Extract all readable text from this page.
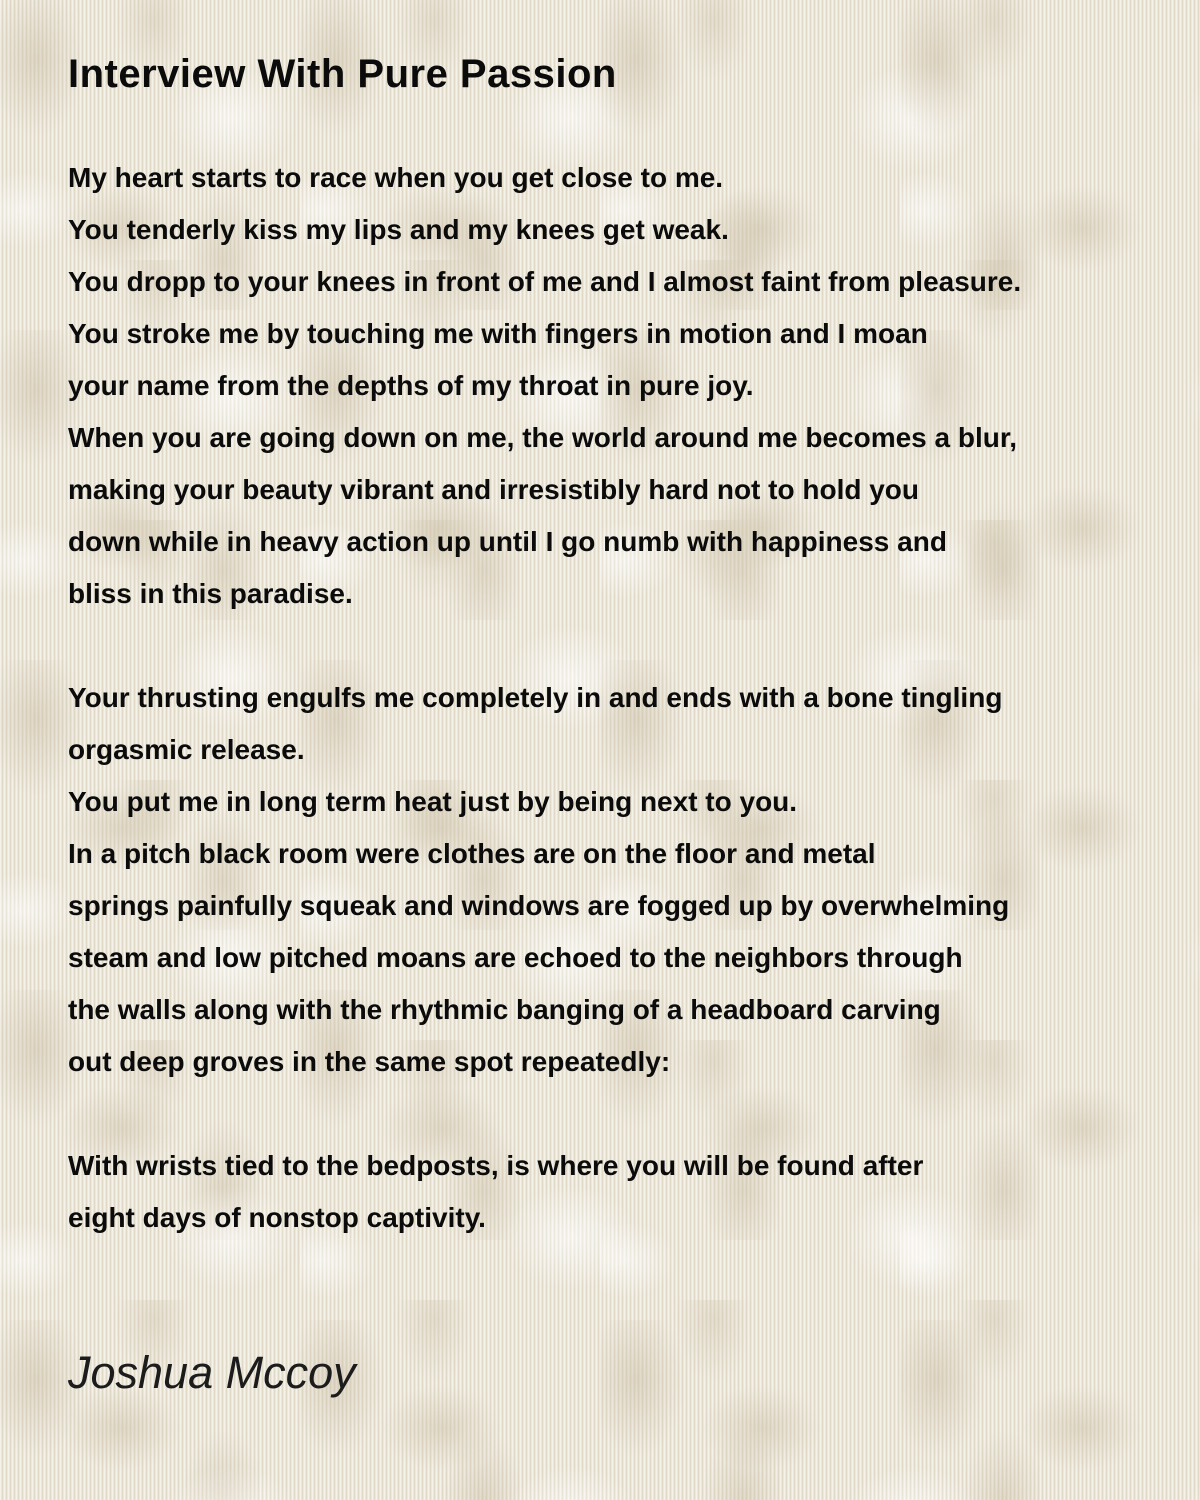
Interview With Pure Passion
My heart starts to race when you get close to me.
You tenderly kiss my lips and my knees get weak.
You dropp to your knees in front of me and I almost faint from pleasure.
You stroke me by touching me with fingers in motion and I moan
your name from the depths of my throat in pure joy.
When you are going down on me, the world around me becomes a blur,
making your beauty vibrant and irresistibly hard not to hold you
down while in heavy action up until I go numb with happiness and
bliss in this paradise.
Your thrusting engulfs me completely in and ends with a bone tingling
orgasmic release.
You put me in long term heat just by being next to you.
In a pitch black room were clothes are on the floor and metal
springs painfully squeak and windows are fogged up by overwhelming
steam and low pitched moans are echoed to the neighbors through
the walls along with the rhythmic banging of a headboard carving
out deep groves in the same spot repeatedly:
With wrists tied to the bedposts, is where you will be found after
eight days of nonstop captivity.
Joshua Mccoy
